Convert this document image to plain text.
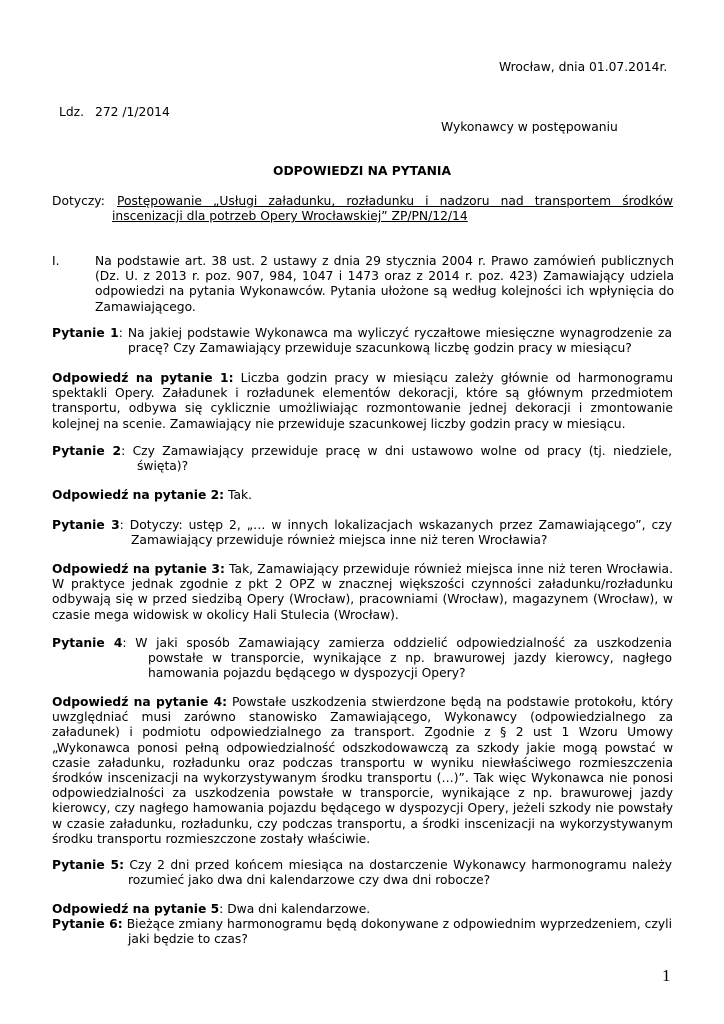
Wrocław, dnia 01.07.2014r.
Ldz. 272 /1/2014
Wykonawcy w postępowaniu
ODPOWIEDZI NA PYTANIA
Dotyczy: Postępowanie „Usługi załadunku, rozładunku i nadzoru nad transportem środków
inscenizacji dla potrzeb Opery Wrocławskiej” ZP/PN/12/14
I.	Na podstawie art. 38 ust. 2 ustawy z dnia 29 stycznia 2004 r. Prawo zamówień publicznych (Dz. U. z 2013 r. poz. 907, 984, 1047 i 1473 oraz z 2014 r. poz. 423) Zamawiający udziela odpowiedzi na pytania Wykonawców. Pytania ułożone są według kolejności ich wpłynięcia do Zamawiającego.
Pytanie 1: Na jakiej podstawie Wykonawca ma wyliczyć ryczałtowe miesięczne wynagrodzenie za pracę? Czy Zamawiający przewiduje szacunkową liczbę godzin pracy w miesiącu?
Odpowiedź na pytanie 1: Liczba godzin pracy w miesiącu zależy głównie od harmonogramu spektakli Opery. Załadunek i rozładunek elementów dekoracji, które są głównym przedmiotem transportu, odbywa się cyklicznie umożliwiając rozmontowanie jednej dekoracji i zmontowanie kolejnej na scenie. Zamawiający nie przewiduje szacunkowej liczby godzin pracy w miesiącu.
Pytanie 2: Czy Zamawiający przewiduje pracę w dni ustawowo wolne od pracy (tj. niedziele, święta)?
Odpowiedź na pytanie 2: Tak.
Pytanie 3: Dotyczy: ustęp 2, „… w innych lokalizacjach wskazanych przez Zamawiającego”, czy Zamawiający przewiduje również miejsca inne niż teren Wrocławia?
Odpowiedź na pytanie 3: Tak, Zamawiający przewiduje również miejsca inne niż teren Wrocławia. W praktyce jednak zgodnie z pkt 2 OPZ w znacznej większości czynności załadunku/rozładunku odbywają się w przed siedzibą Opery (Wrocław), pracowniami (Wrocław), magazynem (Wrocław), w czasie mega widowisk w okolicy Hali Stulecia (Wrocław).
Pytanie 4: W jaki sposób Zamawiający zamierza oddzielić odpowiedzialność za uszkodzenia powstałe w transporcie, wynikające z np. brawurowej jazdy kierowcy, nagłego hamowania pojazdu będącego w dyspozycji Opery?
Odpowiedź na pytanie 4: Powstałe uszkodzenia stwierdzone będą na podstawie protokołu, który uwzględniać musi zarówno stanowisko Zamawiającego, Wykonawcy (odpowiedzialnego za załadunek) i podmiotu odpowiedzialnego za transport. Zgodnie z § 2 ust 1 Wzoru Umowy „Wykonawca ponosi pełną odpowiedzialność odszkodowawczą za szkody jakie mogą powstać w czasie załadunku, rozładunku oraz podczas transportu w wyniku niewłaściwego rozmieszczenia środków inscenizacji na wykorzystywanym środku transportu (…)”. Tak więc Wykonawca nie ponosi odpowiedzialności za uszkodzenia powstałe w transporcie, wynikające z np. brawurowej jazdy kierowcy, czy nagłego hamowania pojazdu będącego w dyspozycji Opery, jeżeli szkody nie powstały w czasie załadunku, rozładunku, czy podczas transportu, a środki inscenizacji na wykorzystywanym środku transportu rozmieszczone zostały właściwie.
Pytanie 5: Czy 2 dni przed końcem miesiąca na dostarczenie Wykonawcy harmonogramu należy rozumieć jako dwa dni kalendarzowe czy dwa dni robocze?
Odpowiedź na pytanie 5: Dwa dni kalendarzowe.
Pytanie 6: Bieżące zmiany harmonogramu będą dokonywane z odpowiednim wyprzedzeniem, czyli jaki będzie to czas?
1
